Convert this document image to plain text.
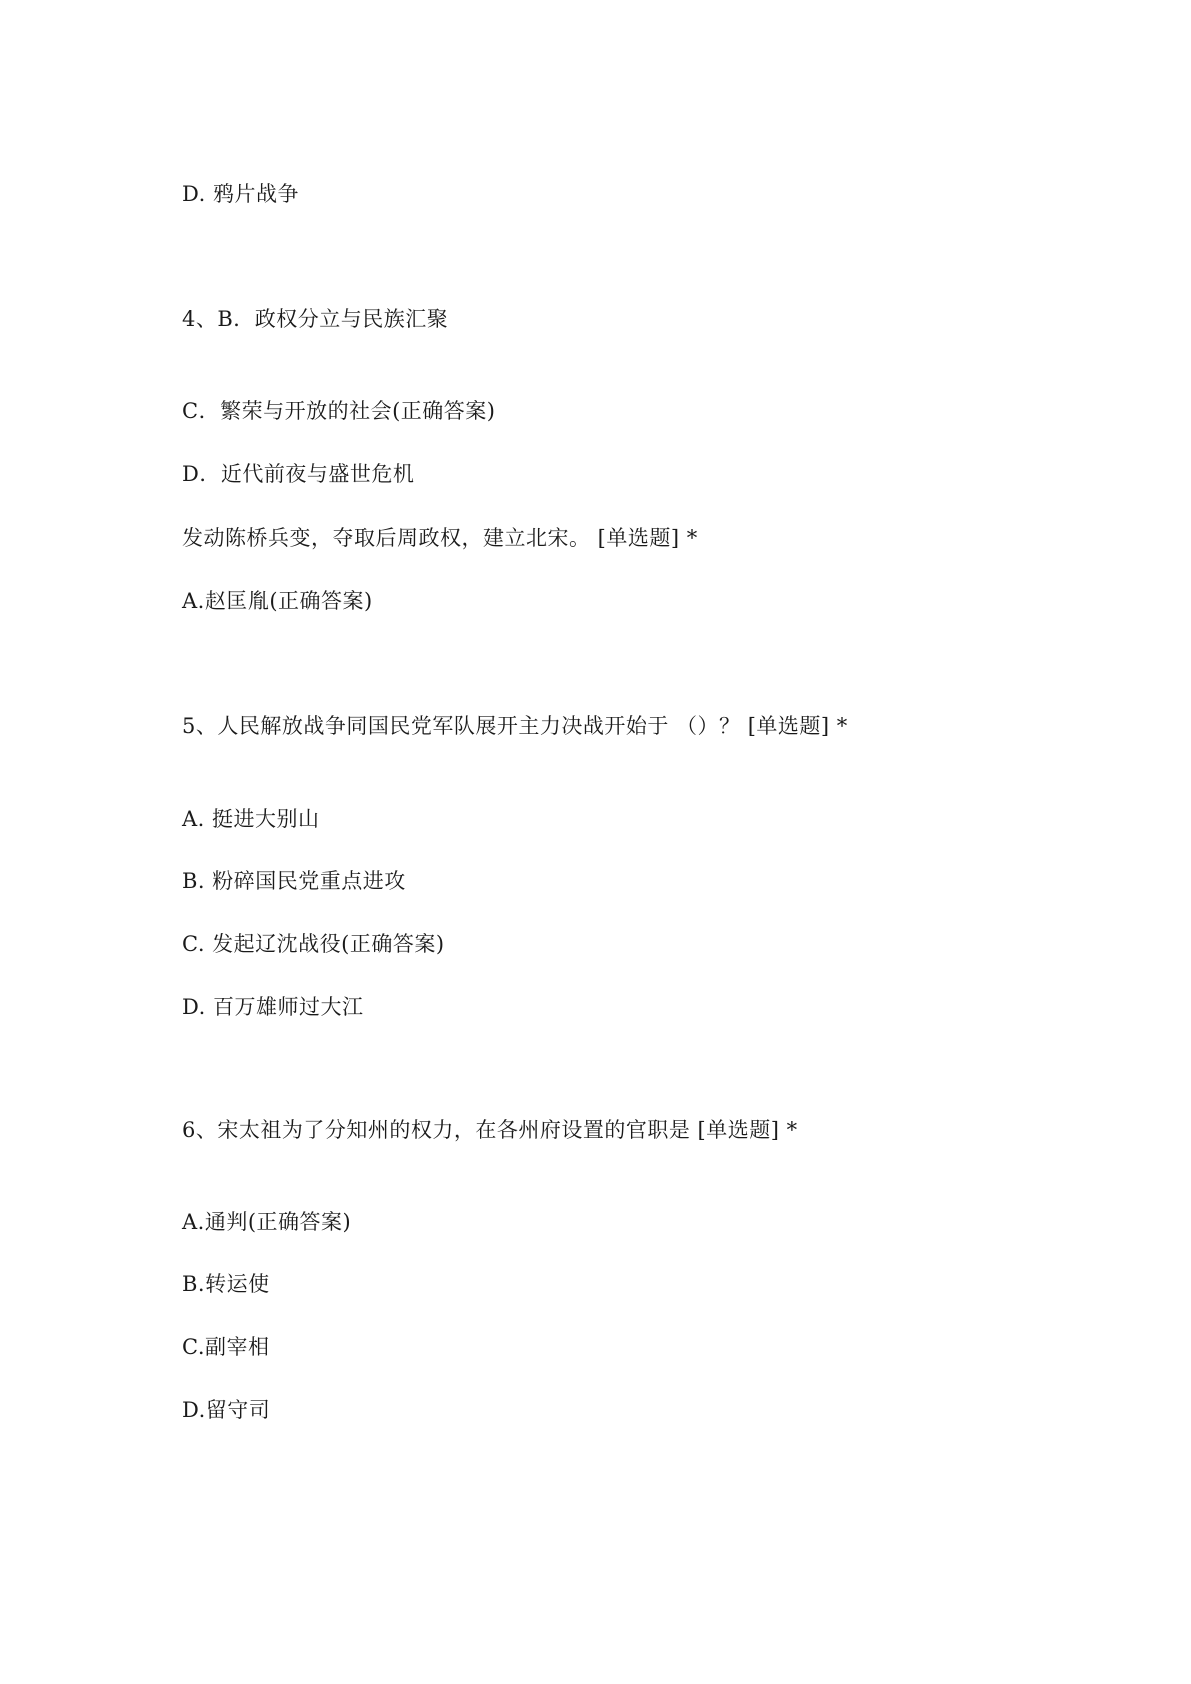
D. 鸦片战争
4、B．政权分立与民族汇聚
C．繁荣与开放的社会(正确答案)
D．近代前夜与盛世危机
发动陈桥兵变，夺取后周政权，建立北宋。 [单选题] *
A.赵匡胤(正确答案)
5、人民解放战争同国民党军队展开主力决战开始于 （）？ [单选题] *
A. 挺进大别山
B. 粉碎国民党重点进攻
C. 发起辽沈战役(正确答案)
D. 百万雄师过大江
6、宋太祖为了分知州的权力，在各州府设置的官职是 [单选题] *
A.通判(正确答案)
B.转运使
C.副宰相
D.留守司
